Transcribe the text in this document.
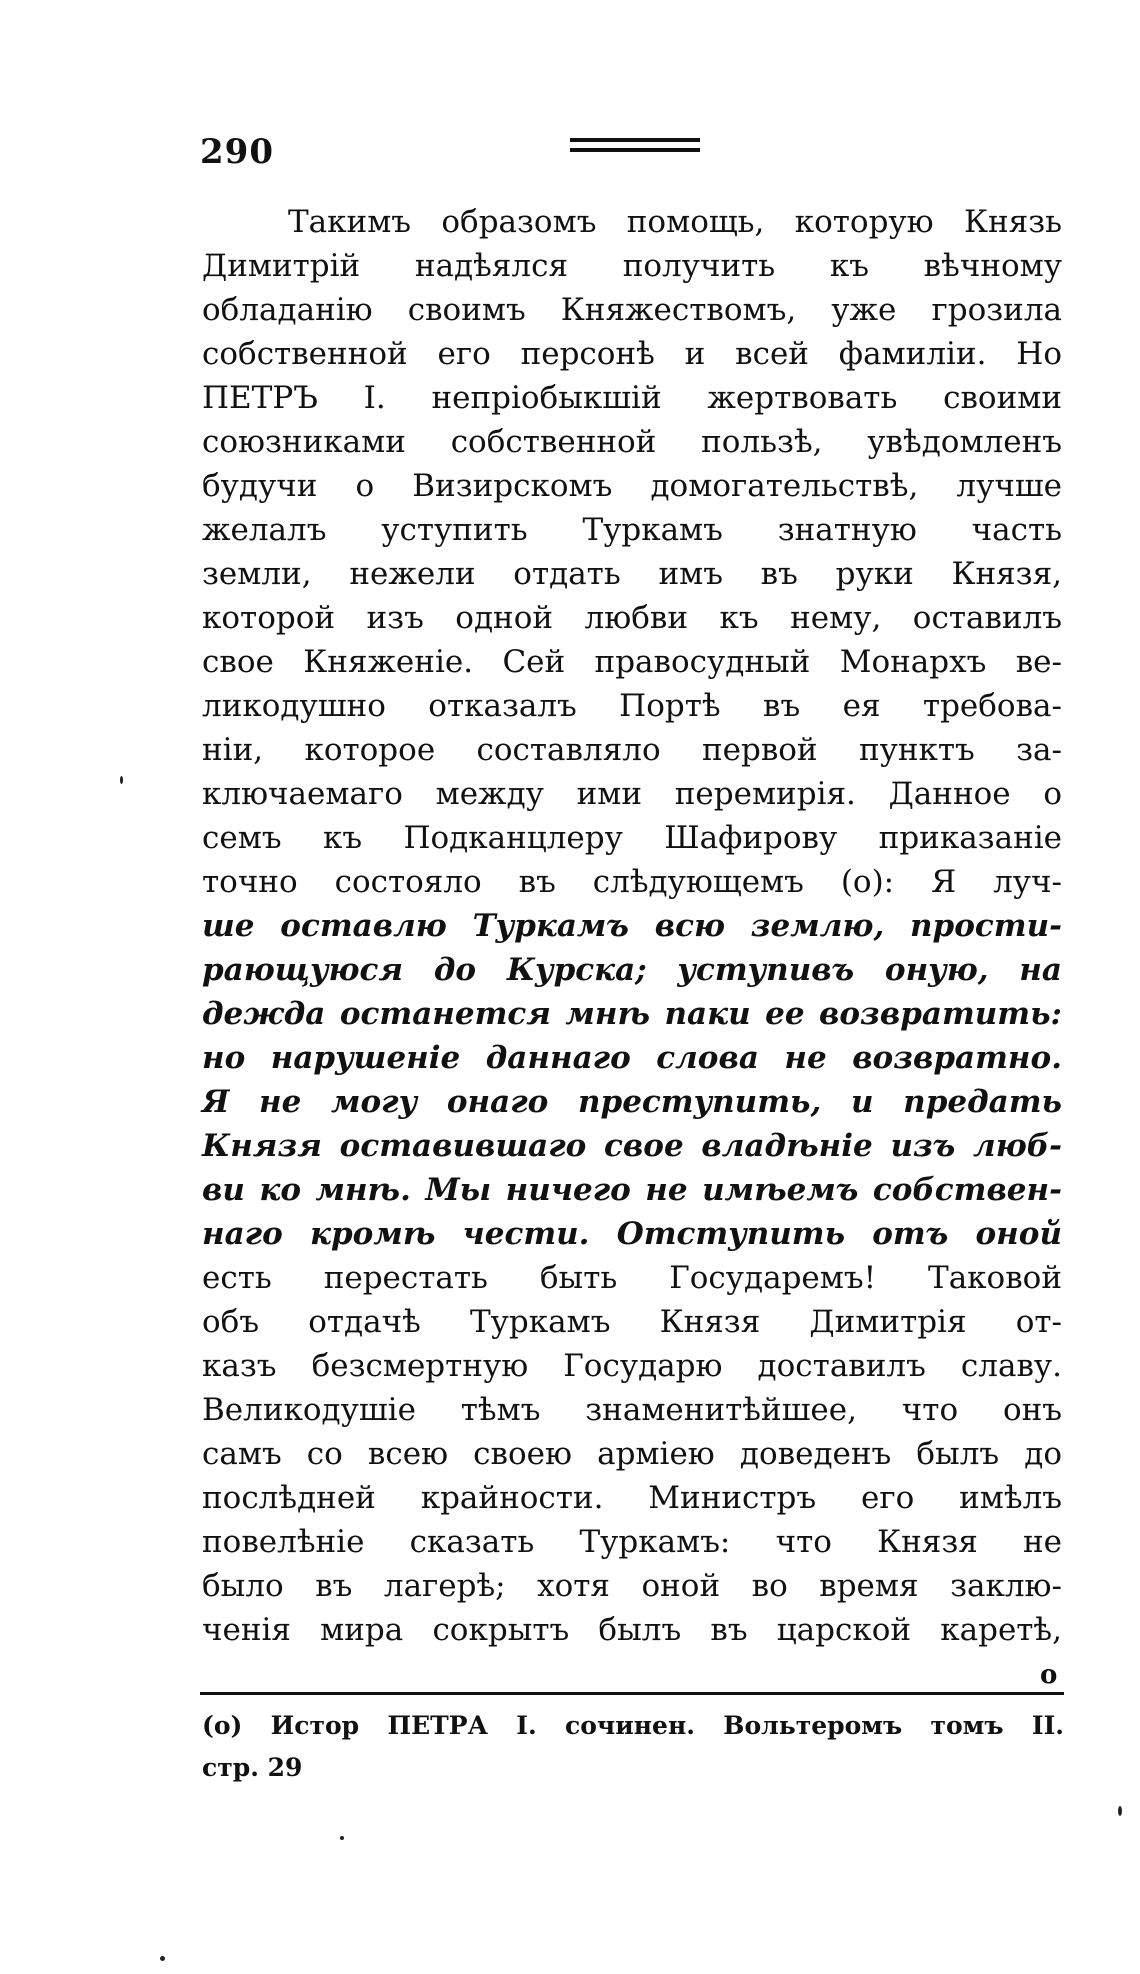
290
Такимъ образомъ помощь, которую Князь
Димитрій надѣялся получить къ вѣчному
обладанію своимъ Княжествомъ, уже грозила
собственной его персонѣ и всей фамиліи. Но
ПЕТРЪ I. непріобыкшій жертвовать своими
союзниками собственной пользѣ, увѣдомленъ
будучи о Визирскомъ домогательствѣ, лучше
желалъ уступить Туркамъ знатную часть
земли, нежели отдать имъ въ руки Князя,
которой изъ одной любви къ нему, оставилъ
свое Княженіе. Сей правосудный Монархъ ве-
ликодушно отказалъ Портѣ въ ея требова-
ніи, которое составляло первой пунктъ за-
ключаемаго между ими перемирія. Данное о
семъ къ Подканцлеру Шафирову приказаніе
точно состояло въ слѣдующемъ (о): Я луч-
ше оставлю Туркамъ всю землю, прости-
рающуюся до Курска; уступивъ оную, на
дежда останется мнѣ паки ее возвратить:
но нарушеніе даннаго слова не возвратно.
Я не могу онаго преступить, и предать
Князя оставившаго свое владѣніе изъ люб-
ви ко мнѣ. Мы ничего не имѣемъ собствен-
наго кромѣ чести. Отступить отъ оной
есть перестать быть Государемъ! Таковой
объ отдачѣ Туркамъ Князя Димитрія от-
казъ безсмертную Государю доставилъ славу.
Великодушіе тѣмъ знаменитѣйшее, что онъ
самъ со всею своею арміею доведенъ былъ до
послѣдней крайности. Министръ его имѣлъ
повелѣніе сказать Туркамъ: что Князя не
было въ лагерѣ; хотя оной во время заклю-
ченія мира сокрытъ былъ въ царской каретѣ,
o
(о) Истор ПЕТРА I. сочинен. Вольтеромъ томъ II.
стр. 29
